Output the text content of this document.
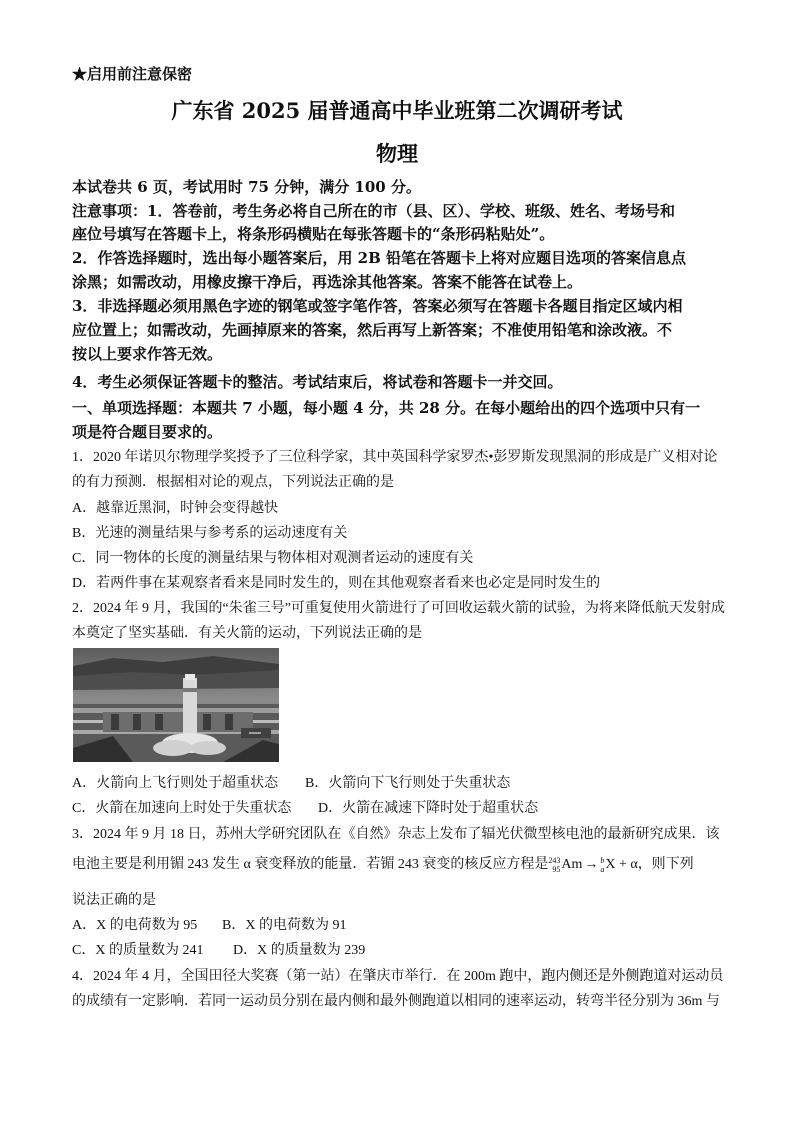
★启用前注意保密
广东省 2025 届普通高中毕业班第二次调研考试
物理
本试卷共 6 页，考试用时 75 分钟，满分 100 分。
注意事项：1．答卷前，考生务必将自己所在的市（县、区）、学校、班级、姓名、考场号和
座位号填写在答题卡上，将条形码横贴在每张答题卡的“条形码粘贴处”。
2．作答选择题时，选出每小题答案后，用 2B 铅笔在答题卡上将对应题目选项的答案信息点
涂黑；如需改动，用橡皮擦干净后，再选涂其他答案。答案不能答在试卷上。
3．非选择题必须用黑色字迹的钢笔或签字笔作答，答案必须写在答题卡各题目指定区域内相
应位置上；如需改动，先画掉原来的答案，然后再写上新答案；不准使用铅笔和涂改液。不
按以上要求作答无效。
4．考生必须保证答题卡的整洁。考试结束后，将试卷和答题卡一并交回。
一、单项选择题：本题共 7 小题，每小题 4 分，共 28 分。在每小题给出的四个选项中只有一
项是符合题目要求的。
1．2020 年诺贝尔物理学奖授予了三位科学家，其中英国科学家罗杰•彭罗斯发现黑洞的形成是广义相对论
的有力预测．根据相对论的观点，下列说法正确的是
A．越靠近黑洞，时钟会变得越快
B．光速的测量结果与参考系的运动速度有关
C．同一物体的长度的测量结果与物体相对观测者运动的速度有关
D．若两件事在某观察者看来是同时发生的，则在其他观察者看来也必定是同时发生的
2．2024 年 9 月，我国的“朱雀三号”可重复使用火箭进行了可回收运载火箭的试验，为将来降低航天发射成
本奠定了坚实基础．有关火箭的运动，下列说法正确的是
A．火箭向上飞行则处于超重状态 B．火箭向下飞行则处于失重状态
C．火箭在加速向上时处于失重状态 D．火箭在减速下降时处于超重状态
3．2024 年 9 月 18 日，苏州大学研究团队在《自然》杂志上发布了辐光伏微型核电池的最新研究成果．该
电池主要是利用镅 243 发生 α 衰变释放的能量．若镅 243 衰变的核反应方程是243
95Am → b
aX + α，则下列
说法正确的是
A．X 的电荷数为 95 B．X 的电荷数为 91
C．X 的质量数为 241 D．X 的质量数为 239
4．2024 年 4 月，全国田径大奖赛（第一站）在肇庆市举行．在 200m 跑中，跑内侧还是外侧跑道对运动员
的成绩有一定影响．若同一运动员分别在最内侧和最外侧跑道以相同的速率运动，转弯半径分别为 36m 与
